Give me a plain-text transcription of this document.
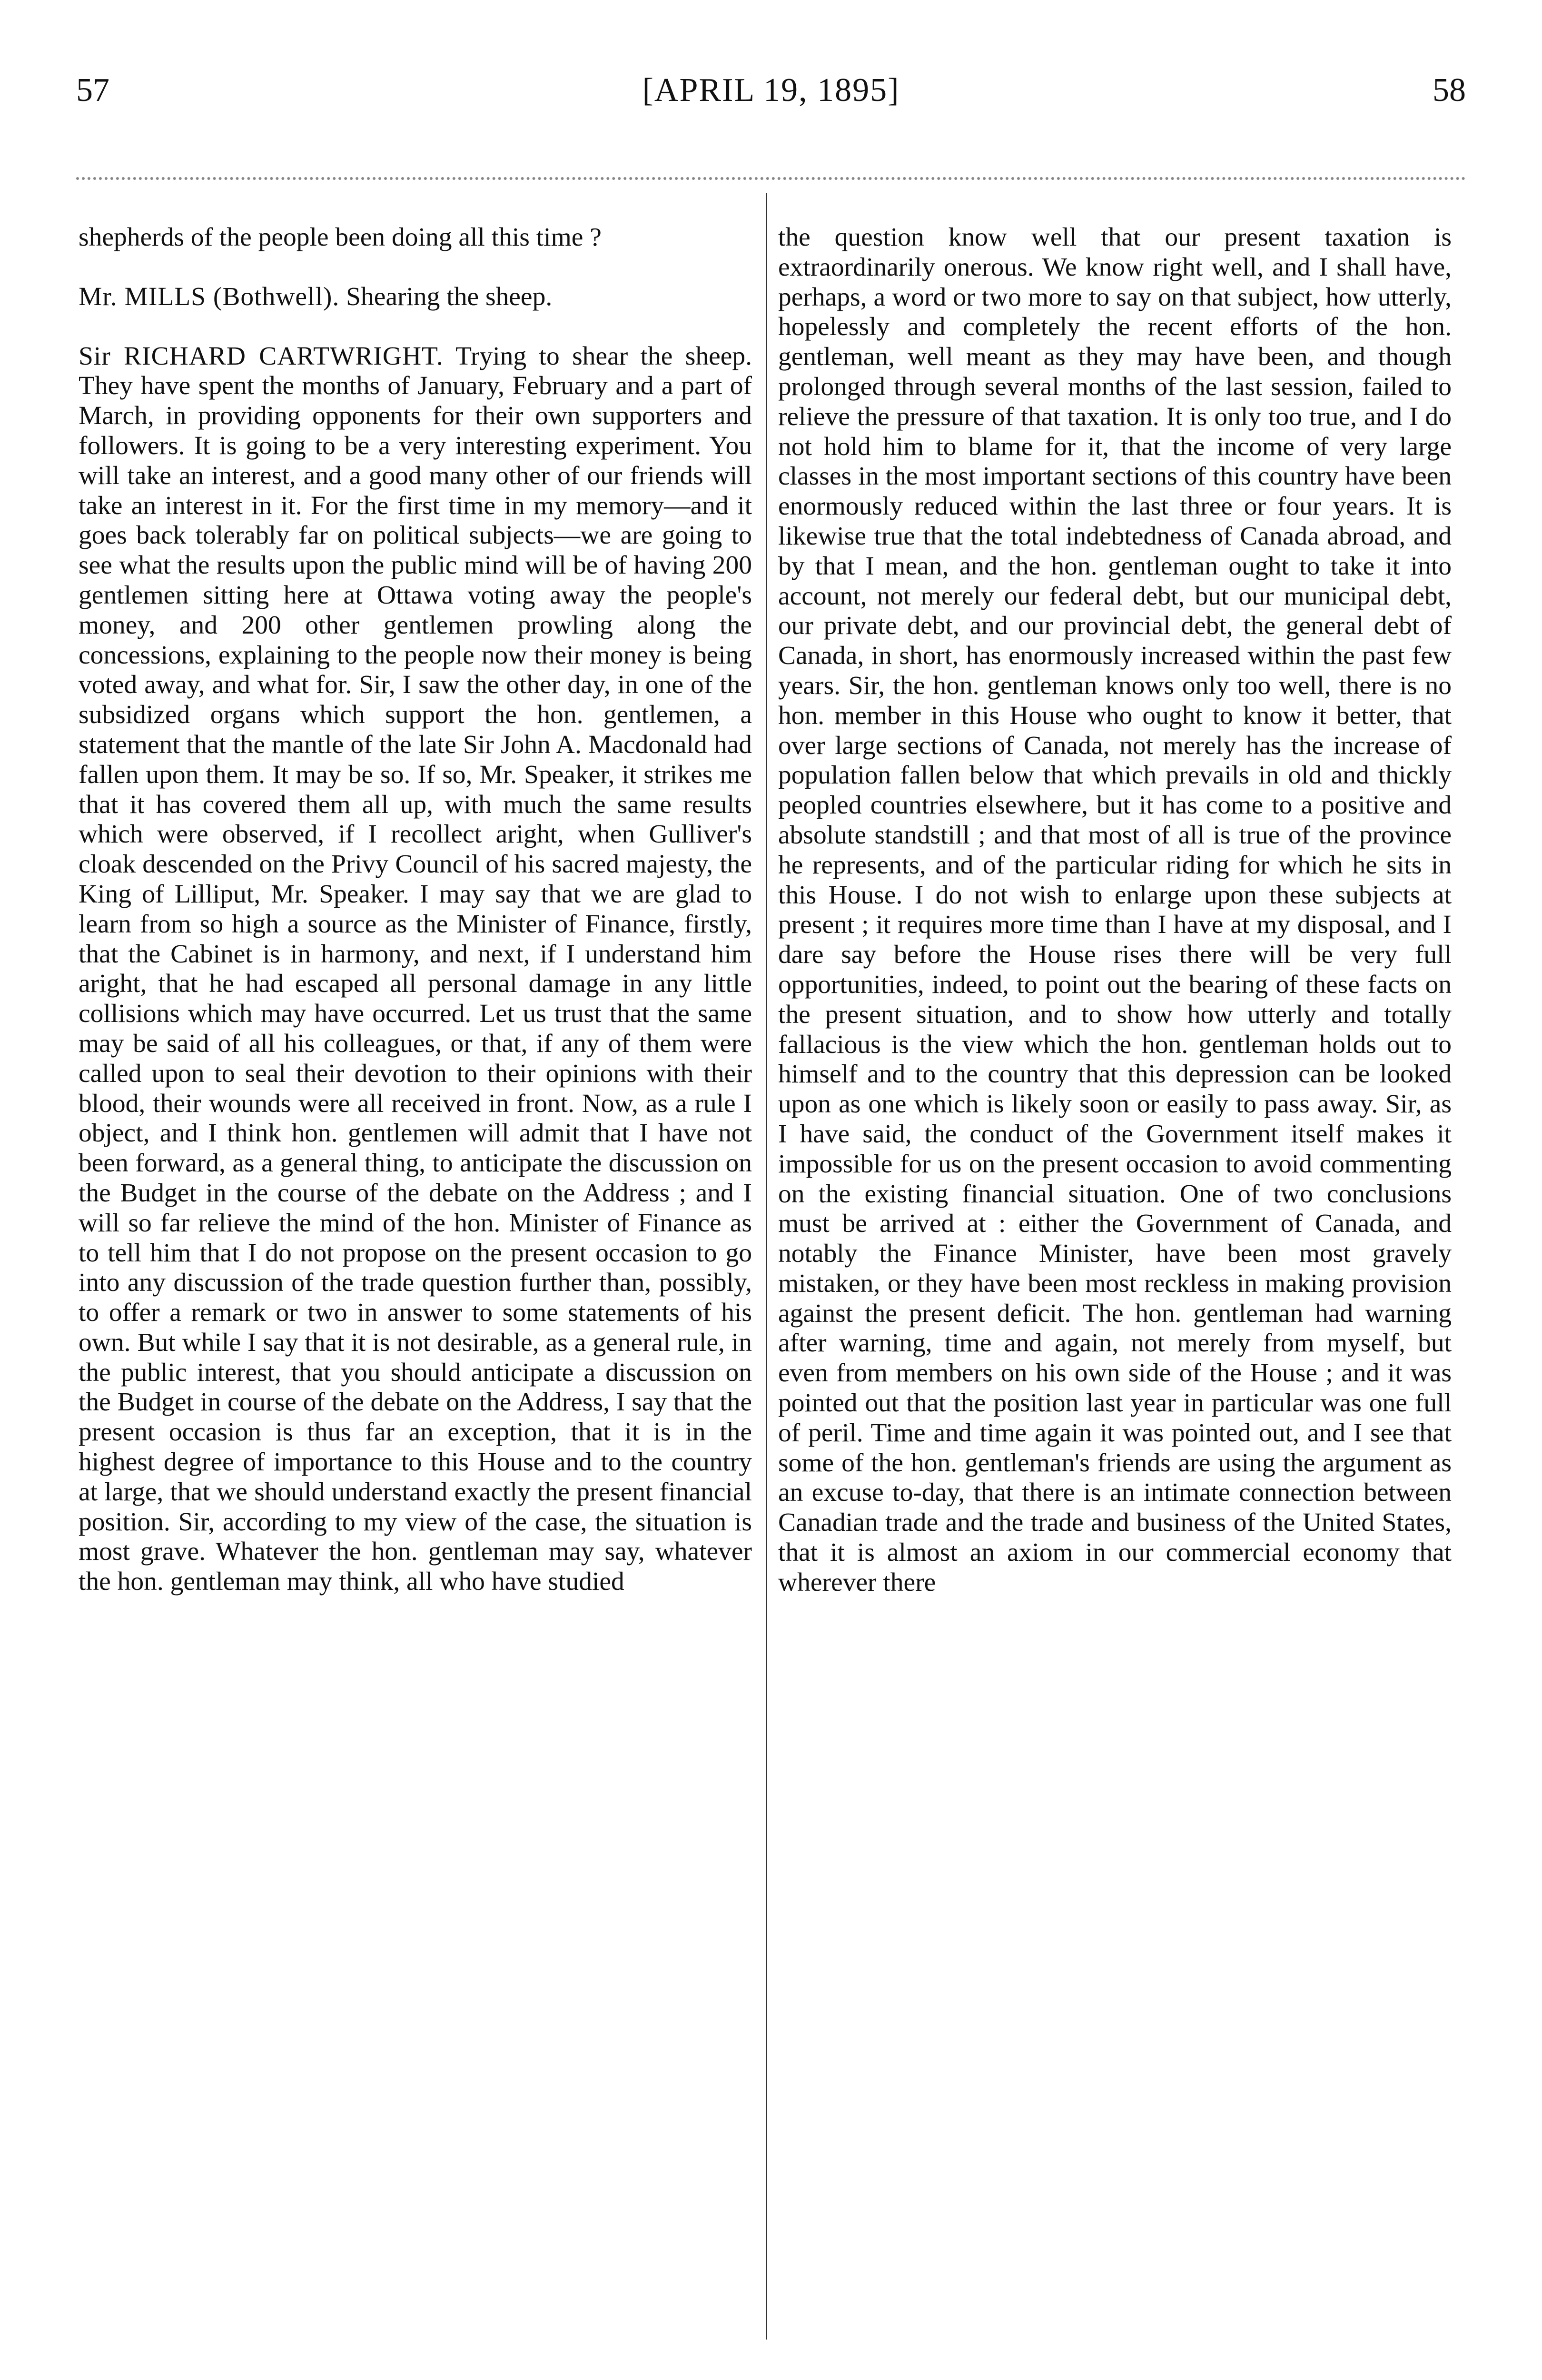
57	[APRIL 19, 1895]	58

shepherds of the people been doing all this time ?

Mr. MILLS (Bothwell). Shearing the sheep.

Sir RICHARD CARTWRIGHT. Trying to shear the sheep. They have spent the months of January, February and a part of March, in providing opponents for their own supporters and followers. It is going to be a very interesting experiment. You will take an interest, and a good many other of our friends will take an interest in it. For the first time in my memory—and it goes back tolerably far on political subjects—we are going to see what the results upon the public mind will be of having 200 gentlemen sitting here at Ottawa voting away the people's money, and 200 other gentlemen prowling along the concessions, explaining to the people now their money is being voted away, and what for. Sir, I saw the other day, in one of the subsidized organs which support the hon. gentlemen, a statement that the mantle of the late Sir John A. Macdonald had fallen upon them. It may be so. If so, Mr. Speaker, it strikes me that it has covered them all up, with much the same results which were observed, if I recollect aright, when Gulliver's cloak descended on the Privy Council of his sacred majesty, the King of Lilliput, Mr. Speaker. I may say that we are glad to learn from so high a source as the Minister of Finance, firstly, that the Cabinet is in harmony, and next, if I understand him aright, that he had escaped all personal damage in any little collisions which may have occurred. Let us trust that the same may be said of all his colleagues, or that, if any of them were called upon to seal their devotion to their opinions with their blood, their wounds were all received in front. Now, as a rule I object, and I think hon. gentlemen will admit that I have not been forward, as a general thing, to anticipate the discussion on the Budget in the course of the debate on the Address ; and I will so far relieve the mind of the hon. Minister of Finance as to tell him that I do not propose on the present occasion to go into any discussion of the trade question further than, possibly, to offer a remark or two in answer to some statements of his own. But while I say that it is not desirable, as a general rule, in the public interest, that you should anticipate a discussion on the Budget in course of the debate on the Address, I say that the present occasion is thus far an exception, that it is in the highest degree of importance to this House and to the country at large, that we should understand exactly the present financial position. Sir, according to my view of the case, the situation is most grave. Whatever the hon. gentleman may say, whatever the hon. gentleman may think, all who have studied

the question know well that our present taxation is extraordinarily onerous. We know right well, and I shall have, perhaps, a word or two more to say on that subject, how utterly, hopelessly and completely the recent efforts of the hon. gentleman, well meant as they may have been, and though prolonged through several months of the last session, failed to relieve the pressure of that taxation. It is only too true, and I do not hold him to blame for it, that the income of very large classes in the most important sections of this country have been enormously reduced within the last three or four years. It is likewise true that the total indebtedness of Canada abroad, and by that I mean, and the hon. gentleman ought to take it into account, not merely our federal debt, but our municipal debt, our private debt, and our provincial debt, the general debt of Canada, in short, has enormously increased within the past few years. Sir, the hon. gentleman knows only too well, there is no hon. member in this House who ought to know it better, that over large sections of Canada, not merely has the increase of population fallen below that which prevails in old and thickly peopled countries elsewhere, but it has come to a positive and absolute standstill ; and that most of all is true of the province he represents, and of the particular riding for which he sits in this House. I do not wish to enlarge upon these subjects at present ; it requires more time than I have at my disposal, and I dare say before the House rises there will be very full opportunities, indeed, to point out the bearing of these facts on the present situation, and to show how utterly and totally fallacious is the view which the hon. gentleman holds out to himself and to the country that this depression can be looked upon as one which is likely soon or easily to pass away. Sir, as I have said, the conduct of the Government itself makes it impossible for us on the present occasion to avoid commenting on the existing financial situation. One of two conclusions must be arrived at : either the Government of Canada, and notably the Finance Minister, have been most gravely mistaken, or they have been most reckless in making provision against the present deficit. The hon. gentleman had warning after warning, time and again, not merely from myself, but even from members on his own side of the House ; and it was pointed out that the position last year in particular was one full of peril. Time and time again it was pointed out, and I see that some of the hon. gentleman's friends are using the argument as an excuse to-day, that there is an intimate connection between Canadian trade and the trade and business of the United States, that it is almost an axiom in our commercial economy that wherever there
